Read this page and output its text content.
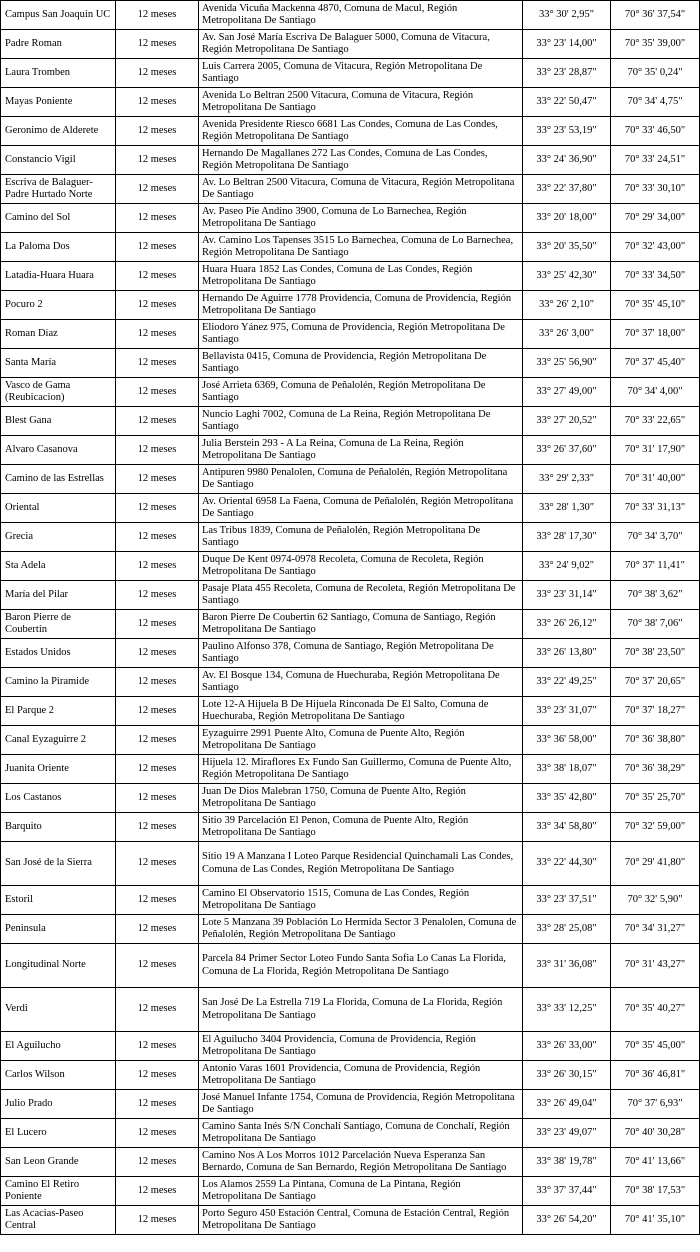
Campus San Joaquin UC	12 meses	Avenida Vicuña Mackenna 4870, Comuna de Macul, Región Metropolitana De Santiago	33° 30' 2,95"	70° 36' 37,54"
Padre Roman	12 meses	Av. San José María Escriva De Balaguer 5000, Comuna de Vitacura, Región Metropolitana De Santiago	33° 23' 14,00"	70° 35' 39,00"
Laura Tromben	12 meses	Luis Carrera 2005, Comuna de Vitacura, Región Metropolitana De Santiago	33° 23' 28,87"	70° 35' 0,24"
Mayas Poniente	12 meses	Avenida Lo Beltran 2500 Vitacura, Comuna de Vitacura, Región Metropolitana De Santiago	33° 22' 50,47"	70° 34' 4,75"
Geronimo de Alderete	12 meses	Avenida Presidente Riesco 6681 Las Condes, Comuna de Las Condes, Región Metropolitana De Santiago	33° 23' 53,19"	70° 33' 46,50"
Constancio Vigil	12 meses	Hernando De Magallanes 272 Las Condes, Comuna de Las Condes, Región Metropolitana De Santiago	33° 24' 36,90"	70° 33' 24,51"
Escriva de Balaguer-Padre Hurtado Norte	12 meses	Av. Lo Beltran 2500 Vitacura, Comuna de Vitacura, Región Metropolitana De Santiago	33° 22' 37,80"	70° 33' 30,10"
Camino del Sol	12 meses	Av. Paseo Pie Andino 3900, Comuna de Lo Barnechea, Región Metropolitana De Santiago	33° 20' 18,00"	70° 29' 34,00"
La Paloma Dos	12 meses	Av. Camino Los Tapenses 3515 Lo Barnechea, Comuna de Lo Barnechea, Región Metropolitana De Santiago	33° 20' 35,50"	70° 32' 43,00"
Latadia-Huara Huara	12 meses	Huara Huara 1852 Las Condes, Comuna de Las Condes, Región Metropolitana De Santiago	33° 25' 42,30"	70° 33' 34,50"
Pocuro 2	12 meses	Hernando De Aguirre 1778 Providencia, Comuna de Providencia, Región Metropolitana De Santiago	33° 26' 2,10"	70° 35' 45,10"
Roman Diaz	12 meses	Eliodoro Yánez 975, Comuna de Providencia, Región Metropolitana De Santiago	33° 26' 3,00"	70° 37' 18,00"
Santa María	12 meses	Bellavista 0415, Comuna de Providencia, Región Metropolitana De Santiago	33° 25' 56,90"	70° 37' 45,40"
Vasco de Gama (Reubicacion)	12 meses	José Arrieta 6369, Comuna de Peñalolén, Región Metropolitana De Santiago	33° 27' 49,00"	70° 34' 4,00"
Blest Gana	12 meses	Nuncio Laghi 7002, Comuna de La Reina, Región Metropolitana De Santiago	33° 27' 20,52"	70° 33' 22,65"
Alvaro Casanova	12 meses	Julia Berstein 293 - A La Reina, Comuna de La Reina, Región Metropolitana De Santiago	33° 26' 37,60"	70° 31' 17,90"
Camino de las Estrellas	12 meses	Antipuren 9980 Penalolen, Comuna de Peñalolén, Región Metropolitana De Santiago	33° 29' 2,33"	70° 31' 40,00"
Oriental	12 meses	Av. Oriental 6958 La Faena, Comuna de Peñalolén, Región Metropolitana De Santiago	33° 28' 1,30"	70° 33' 31,13"
Grecia	12 meses	Las Tribus 1839, Comuna de Peñalolén, Región Metropolitana De Santiago	33° 28' 17,30"	70° 34' 3,70"
Sta Adela	12 meses	Duque De Kent 0974-0978 Recoleta, Comuna de Recoleta, Región Metropolitana De Santiago	33° 24' 9,02"	70° 37' 11,41"
María del Pilar	12 meses	Pasaje Plata 455 Recoleta, Comuna de Recoleta, Región Metropolitana De Santiago	33° 23' 31,14"	70° 38' 3,62"
Baron Pierre de Coubertin	12 meses	Baron Pierre De Coubertin 62 Santiago, Comuna de Santiago, Región Metropolitana De Santiago	33° 26' 26,12"	70° 38' 7,06"
Estados Unidos	12 meses	Paulino Alfonso 378, Comuna de Santiago, Región Metropolitana De Santiago	33° 26' 13,80"	70° 38' 23,50"
Camino la Piramide	12 meses	Av. El Bosque 134, Comuna de Huechuraba, Región Metropolitana De Santiago	33° 22' 49,25"	70° 37' 20,65"
El Parque 2	12 meses	Lote 12-A Hijuela B De Hijuela Rinconada De El Salto, Comuna de Huechuraba, Región Metropolitana De Santiago	33° 23' 31,07"	70° 37' 18,27"
Canal Eyzaguirre 2	12 meses	Eyzaguirre 2991 Puente Alto, Comuna de Puente Alto, Región Metropolitana De Santiago	33° 36' 58,00"	70° 36' 38,80"
Juanita Oriente	12 meses	Hijuela 12. Miraflores Ex Fundo San Guillermo, Comuna de Puente Alto, Región Metropolitana De Santiago	33° 38' 18,07"	70° 36' 38,29"
Los Castanos	12 meses	Juan De Dios Malebran 1750, Comuna de Puente Alto, Región Metropolitana De Santiago	33° 35' 42,80"	70° 35' 25,70"
Barquito	12 meses	Sitio 39 Parcelación El Penon, Comuna de Puente Alto, Región Metropolitana De Santiago	33° 34' 58,80"	70° 32' 59,00"
San José de la Sierra	12 meses	Sitio 19 A Manzana I Loteo Parque Residencial Quinchamali Las Condes, Comuna de Las Condes, Región Metropolitana De Santiago	33° 22' 44,30"	70° 29' 41,80"
Estoril	12 meses	Camino El Observatorio 1515, Comuna de Las Condes, Región Metropolitana De Santiago	33° 23' 37,51"	70° 32' 5,90"
Peninsula	12 meses	Lote 5 Manzana 39 Población Lo Hermida Sector 3 Penalolen, Comuna de Peñalolén, Región Metropolitana De Santiago	33° 28' 25,08"	70° 34' 31,27"
Longitudinal Norte	12 meses	Parcela 84 Primer Sector Loteo Fundo Santa Sofia Lo Canas La Florida, Comuna de La Florida, Región Metropolitana De Santiago	33° 31' 36,08"	70° 31' 43,27"
Verdi	12 meses	San José De La Estrella 719 La Florida, Comuna de La Florida, Región Metropolitana De Santiago	33° 33' 12,25"	70° 35' 40,27"
El Aguilucho	12 meses	El Aguilucho 3404 Providencia, Comuna de Providencia, Región Metropolitana De Santiago	33° 26' 33,00"	70° 35' 45,00"
Carlos Wilson	12 meses	Antonio Varas 1601 Providencia, Comuna de Providencia, Región Metropolitana De Santiago	33° 26' 30,15"	70° 36' 46,81"
Julio Prado	12 meses	José Manuel Infante 1754, Comuna de Providencia, Región Metropolitana De Santiago	33° 26' 49,04"	70° 37' 6,93"
El Lucero	12 meses	Camino Santa Inés S/N Conchalí Santiago, Comuna de Conchalí, Región Metropolitana De Santiago	33° 23' 49,07"	70° 40' 30,28"
San Leon Grande	12 meses	Camino Nos A Los Morros 1012 Parcelación Nueva Esperanza San Bernardo, Comuna de San Bernardo, Región Metropolitana De Santiago	33° 38' 19,78"	70° 41' 13,66"
Camino El Retiro Poniente	12 meses	Los Alamos 2559 La Pintana, Comuna de La Pintana, Región Metropolitana De Santiago	33° 37' 37,44"	70° 38' 17,53"
Las Acacias-Paseo Central	12 meses	Porto Seguro 450 Estación Central, Comuna de Estación Central, Región Metropolitana De Santiago	33° 26' 54,20"	70° 41' 35,10"
